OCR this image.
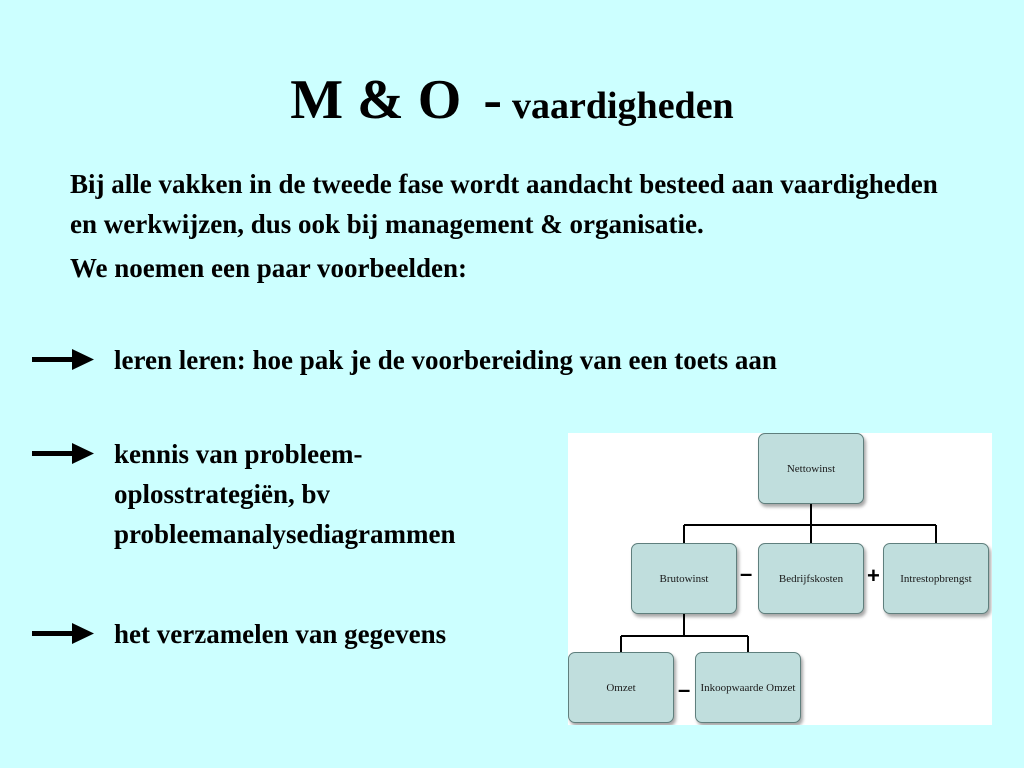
M & O - vaardigheden

Bij alle vakken in de tweede fase wordt aandacht besteed aan vaardigheden en werkwijzen, dus ook bij management & organisatie.

We noemen een paar voorbeelden:

leren leren: hoe pak je de voorbereiding van een toets aan
kennis van probleem-
oplosstrategiën, bv
probleemanalysediagrammen
het verzamelen van gegevens
Nettowinst
Brutowinst	Bedrijfskosten	Intrestopbrengst
Omzet	Inkoopwaarde Omzet
–	+
–
